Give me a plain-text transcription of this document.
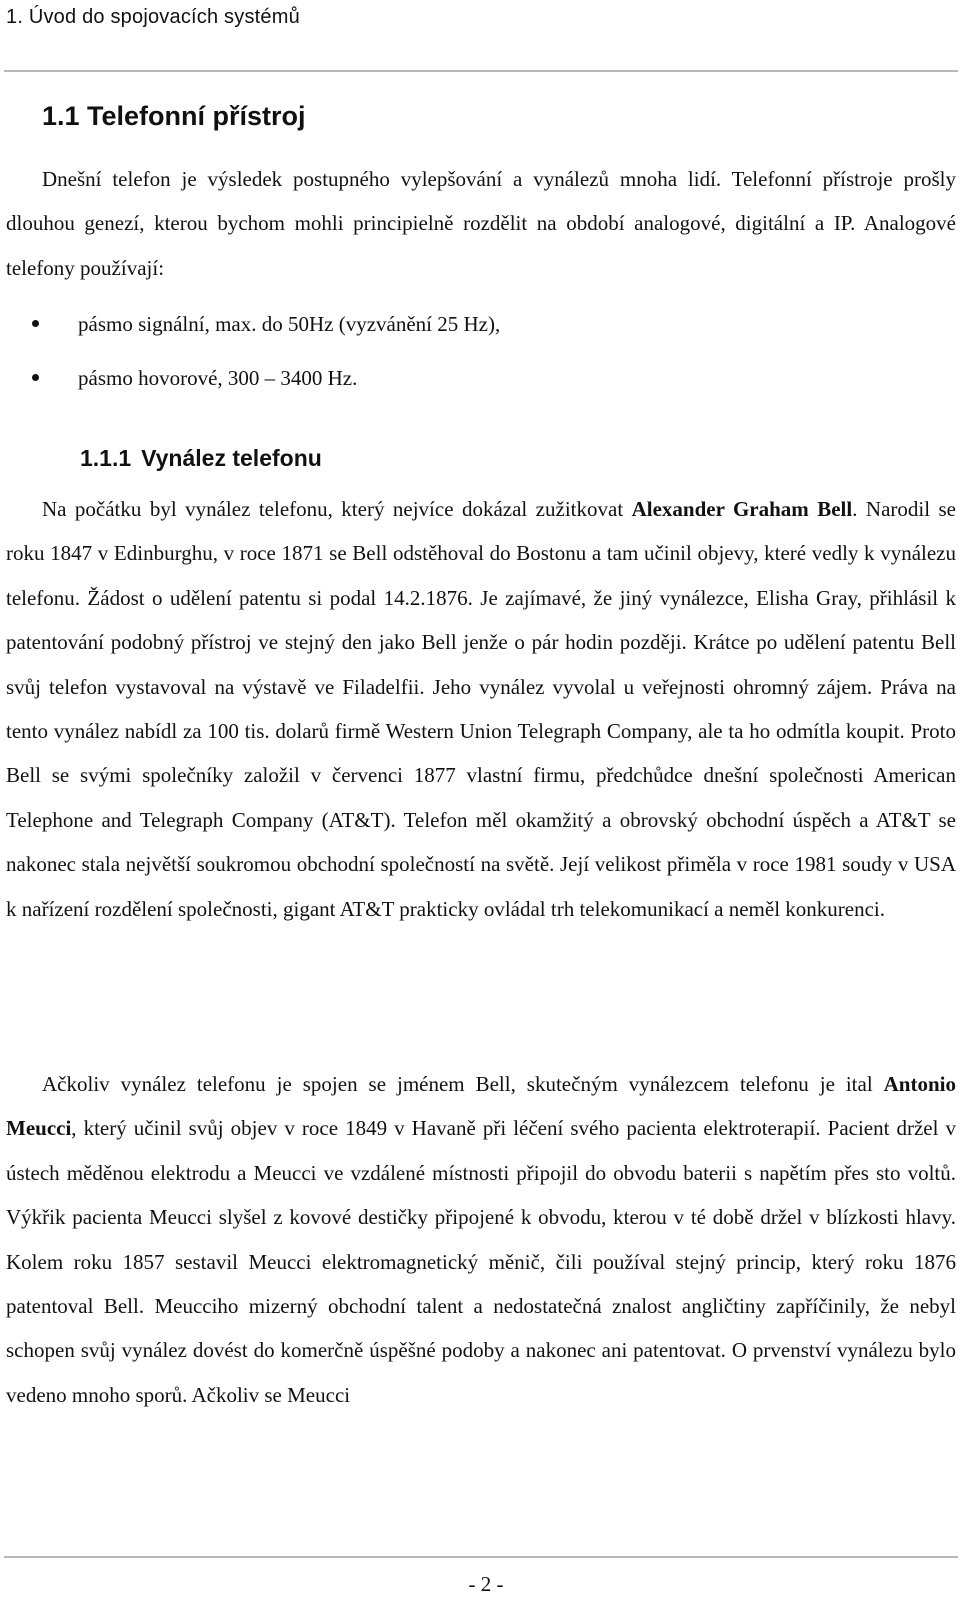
1. Úvod do spojovacích systémů
1.1 Telefonní přístroj

Dnešní telefon je výsledek postupného vylepšování a vynálezů mnoha lidí. Telefonní přístroje prošly dlouhou genezí, kterou bychom mohli principielně rozdělit na období analogové, digitální a IP. Analogové telefony používají:

pásmo signální, max. do 50Hz (vyzvánění 25 Hz),
pásmo hovorové, 300 – 3400 Hz.
1.1.1 Vynález telefonu

Na počátku byl vynález telefonu, který nejvíce dokázal zužitkovat Alexander Graham Bell. Narodil se roku 1847 v Edinburghu, v roce 1871 se Bell odstěhoval do Bostonu a tam učinil objevy, které vedly k vynálezu telefonu. Žádost o udělení patentu si podal 14.2.1876. Je zajímavé, že jiný vynálezce, Elisha Gray, přihlásil k patentování podobný přístroj ve stejný den jako Bell jenže o pár hodin později. Krátce po udělení patentu Bell svůj telefon vystavoval na výstavě ve Filadelfii. Jeho vynález vyvolal u veřejnosti ohromný zájem. Práva na tento vynález nabídl za 100 tis. dolarů firmě Western Union Telegraph Company, ale ta ho odmítla koupit. Proto Bell se svými společníky založil v červenci 1877 vlastní firmu, předchůdce dnešní společnosti American Telephone and Telegraph Company (AT&T). Telefon měl okamžitý a obrovský obchodní úspěch a AT&T se nakonec stala největší soukromou obchodní společností na světě. Její velikost přiměla v roce 1981 soudy v USA k nařízení rozdělení společnosti, gigant AT&T prakticky ovládal trh telekomunikací a neměl konkurenci.

Ačkoliv vynález telefonu je spojen se jménem Bell, skutečným vynálezcem telefonu je ital Antonio Meucci, který učinil svůj objev v roce 1849 v Havaně při léčení svého pacienta elektroterapií. Pacient držel v ústech měděnou elektrodu a Meucci ve vzdálené místnosti připojil do obvodu baterii s napětím přes sto voltů. Výkřik pacienta Meucci slyšel z kovové destičky připojené k obvodu, kterou v té době držel v blízkosti hlavy. Kolem roku 1857 sestavil Meucci elektromagnetický měnič, čili používal stejný princip, který roku 1876 patentoval Bell. Meucciho mizerný obchodní talent a nedostatečná znalost angličtiny zapříčinily, že nebyl schopen svůj vynález dovést do komerčně úspěšné podoby a nakonec ani patentovat. O prvenství vynálezu bylo vedeno mnoho sporů. Ačkoliv se Meucci

- 2 -
